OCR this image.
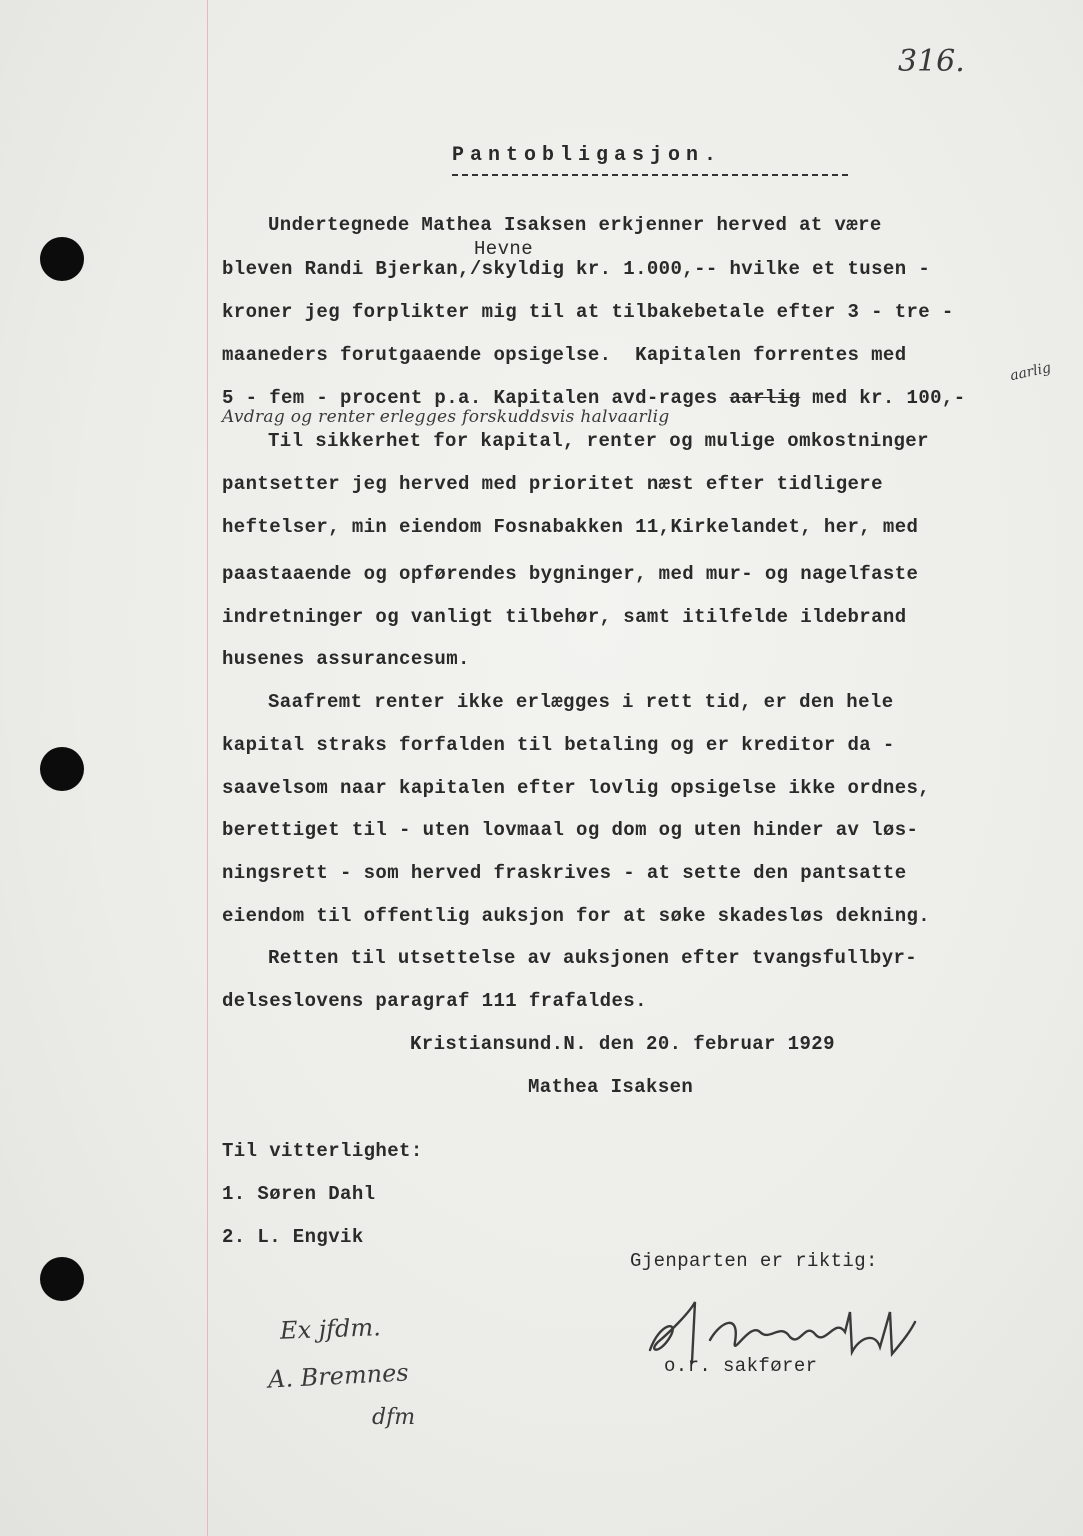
316.
Pantobligasjon.
Undertegnede Mathea Isaksen erkjenner herved at være
Hevne
bleven Randi Bjerkan,/skyldig kr. 1.000,-- hvilke et tusen -
kroner jeg forplikter mig til at tilbakebetale efter 3 - tre -
maaneders forutgaaende opsigelse.  Kapitalen forrentes med
5 - fem - procent p.a. Kapitalen avd-rages aarlig med kr. 100,-
aarlig
Avdrag og renter erlegges forskuddsvis halvaarlig
Til sikkerhet for kapital, renter og mulige omkostninger
pantsetter jeg herved med prioritet næst efter tidligere
heftelser, min eiendom Fosnabakken 11,Kirkelandet, her, med
paastaaende og opførendes bygninger, med mur- og nagelfaste
indretninger og vanligt tilbehør, samt itilfelde ildebrand
husenes assurancesum.
Saafremt renter ikke erlægges i rett tid, er den hele
kapital straks forfalden til betaling og er kreditor da -
saavelsom naar kapitalen efter lovlig opsigelse ikke ordnes,
berettiget til - uten lovmaal og dom og uten hinder av løs-
ningsrett - som herved fraskrives - at sette den pantsatte
eiendom til offentlig auksjon for at søke skadesløs dekning.
Retten til utsettelse av auksjonen efter tvangsfullbyr-
delseslovens paragraf 111 frafaldes.
Kristiansund.N. den 20. februar 1929
Mathea Isaksen
Til vitterlighet:
1. Søren Dahl
2. L. Engvik
Gjenparten er riktig:
o.r. sakfører
Ex jfdm.
A. Bremnes
dfm
